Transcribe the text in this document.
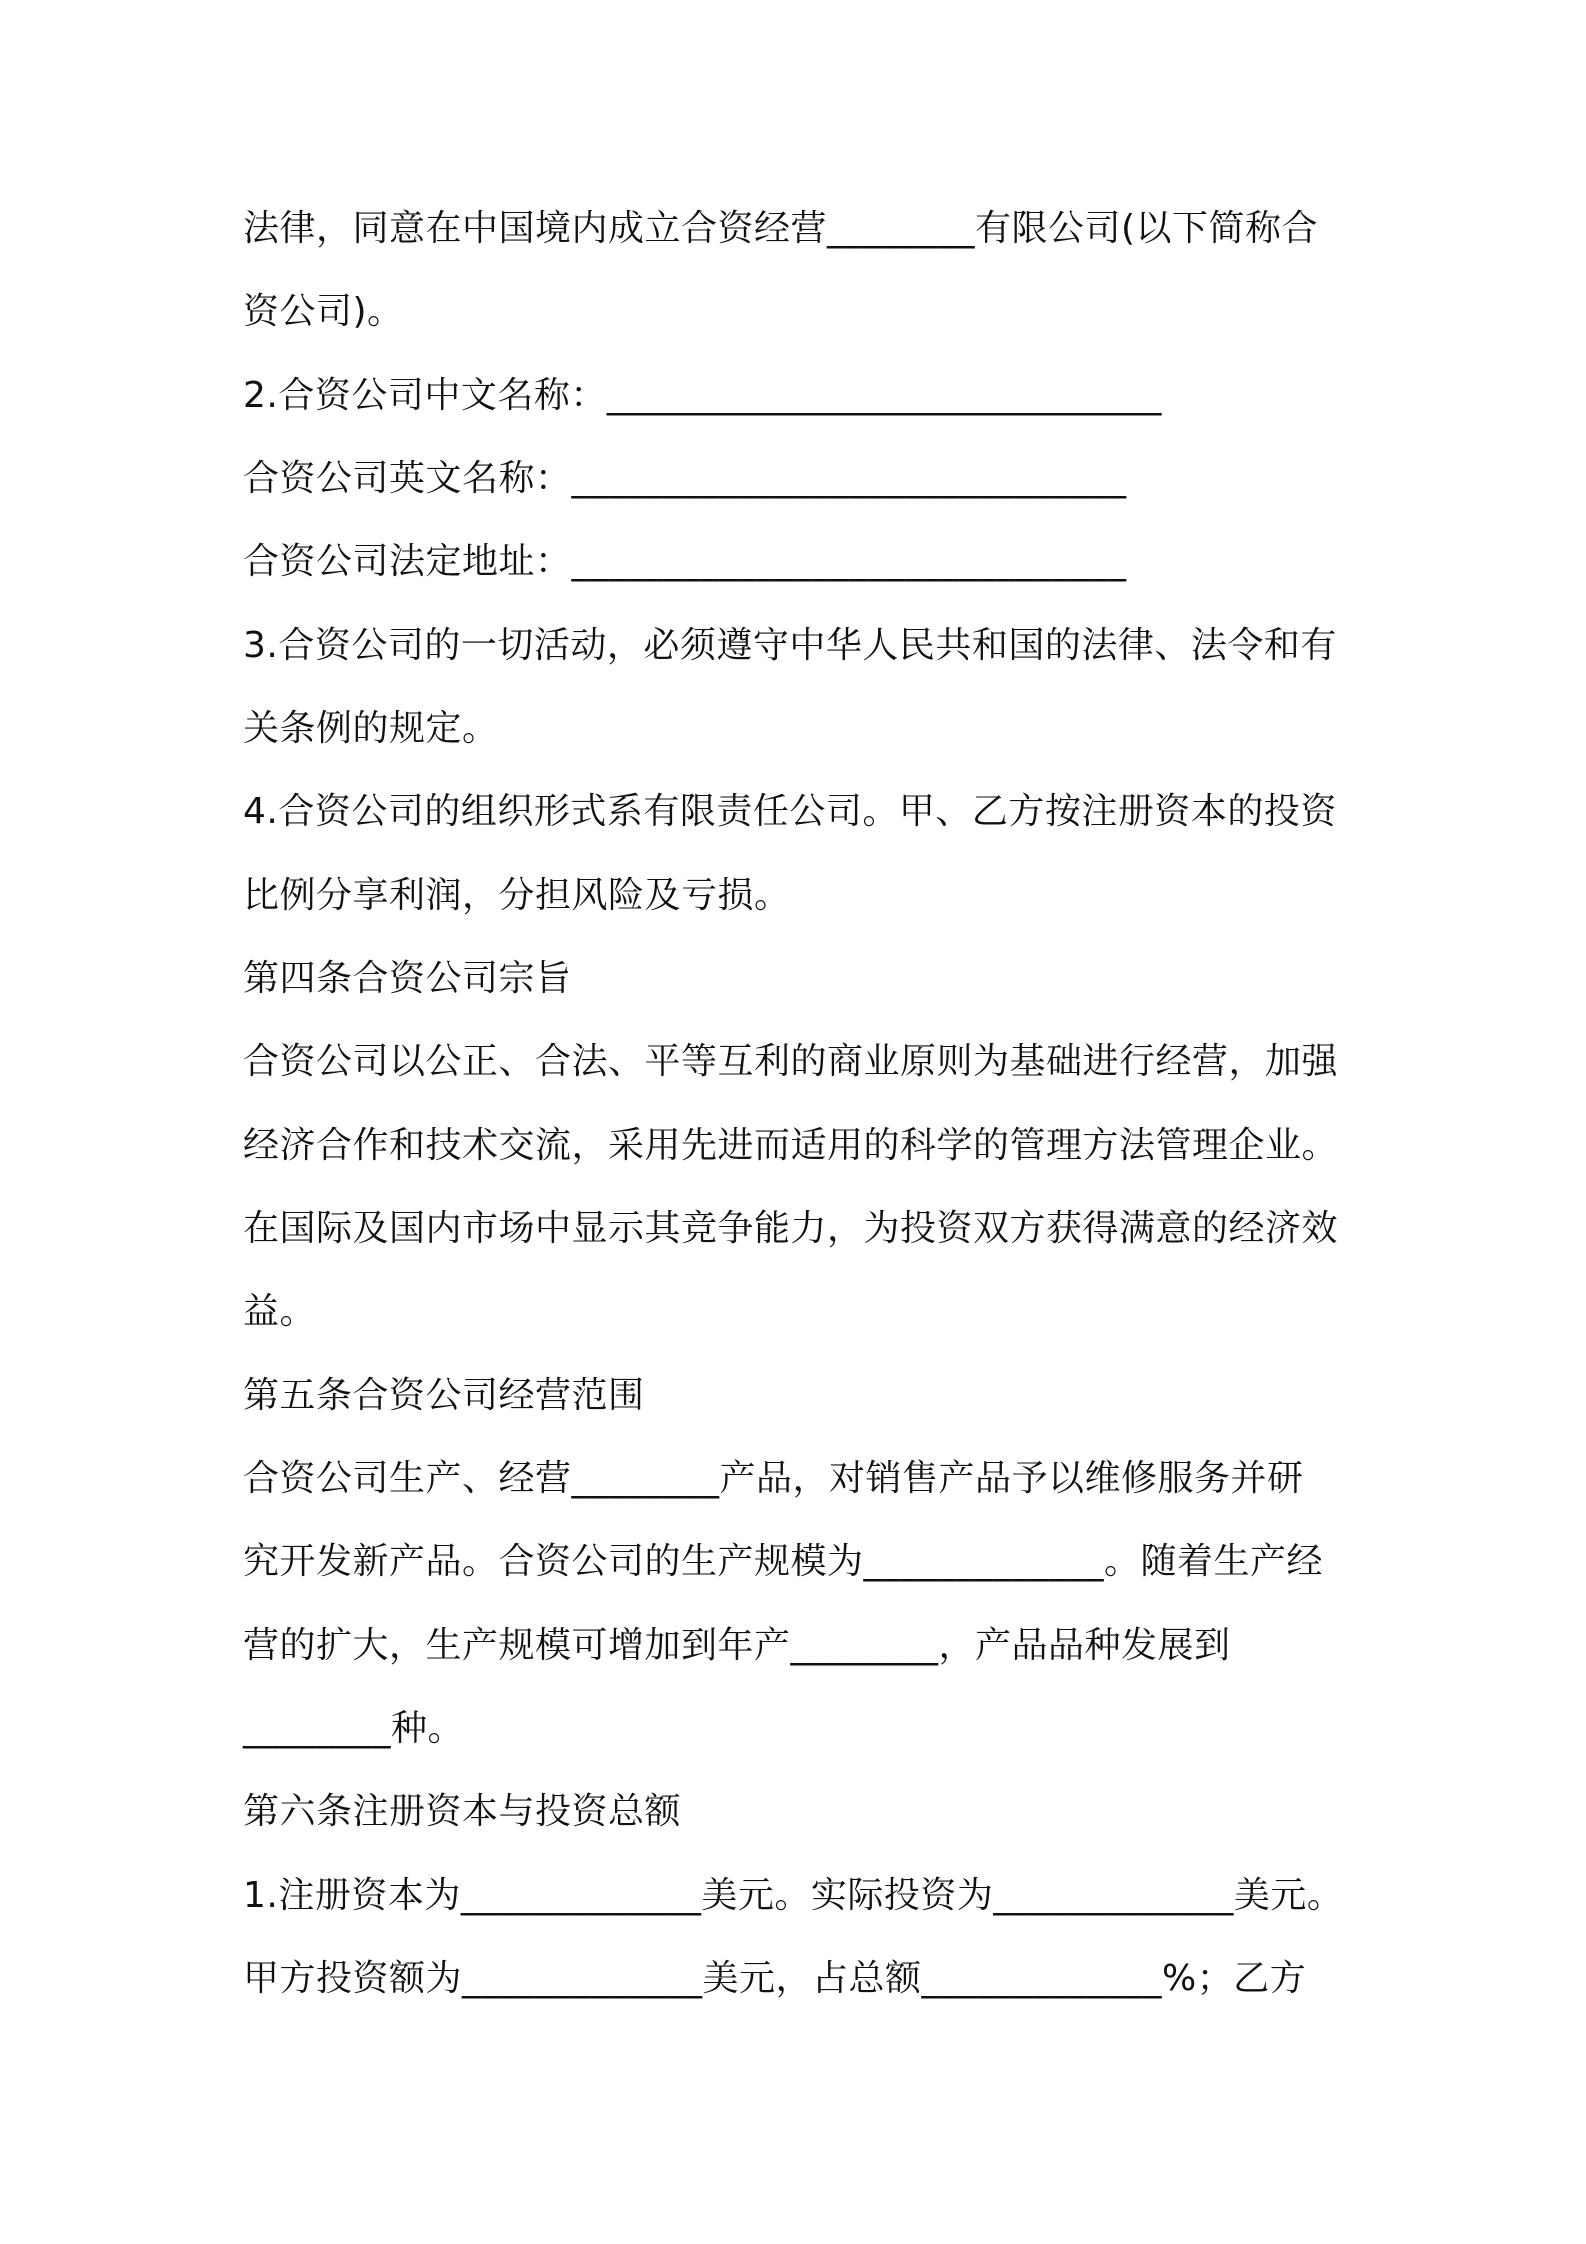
法律，同意在中国境内成立合资经营________有限公司(以下简称合
资公司)。
2.合资公司中文名称：______________________________
合资公司英文名称：______________________________
合资公司法定地址：______________________________
3.合资公司的一切活动，必须遵守中华人民共和国的法律、法令和有
关条例的规定。
4.合资公司的组织形式系有限责任公司。甲、乙方按注册资本的投资
比例分享利润，分担风险及亏损。
第四条合资公司宗旨
合资公司以公正、合法、平等互利的商业原则为基础进行经营，加强
经济合作和技术交流，采用先进而适用的科学的管理方法管理企业。
在国际及国内市场中显示其竞争能力，为投资双方获得满意的经济效
益。
第五条合资公司经营范围
合资公司生产、经营________产品，对销售产品予以维修服务并研
究开发新产品。合资公司的生产规模为_____________。随着生产经
营的扩大，生产规模可增加到年产________，产品品种发展到
________种。
第六条注册资本与投资总额
1.注册资本为_____________美元。实际投资为_____________美元。
甲方投资额为_____________美元，占总额_____________%；乙方
